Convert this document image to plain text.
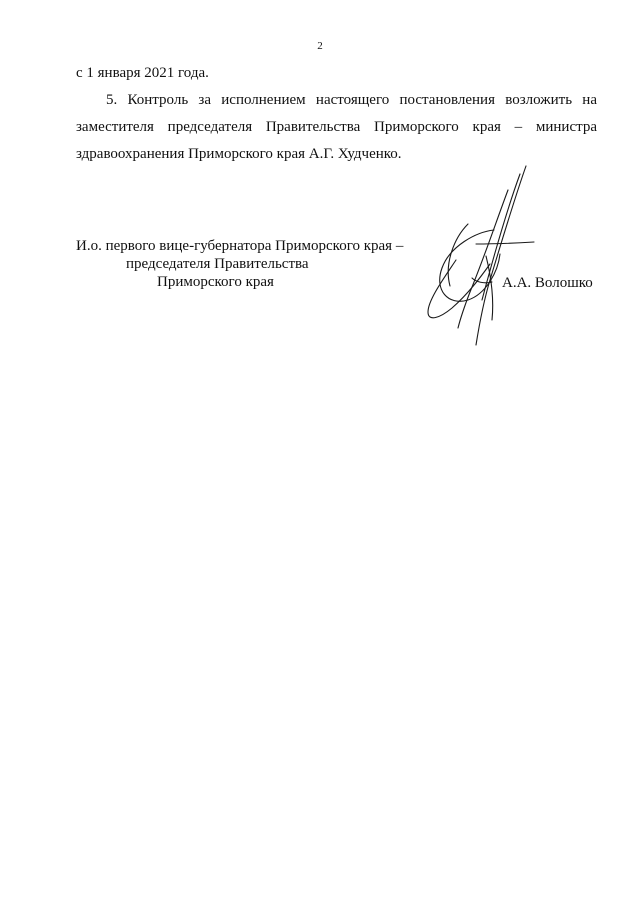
2
с 1 января 2021 года.
5. Контроль за исполнением настоящего постановления возложить на
заместителя председателя Правительства Приморского края – министра
здравоохранения Приморского края А.Г. Худченко.
И.о. первого вице-губернатора Приморского края –
председателя Правительства
Приморского края	А.А. Волошко
